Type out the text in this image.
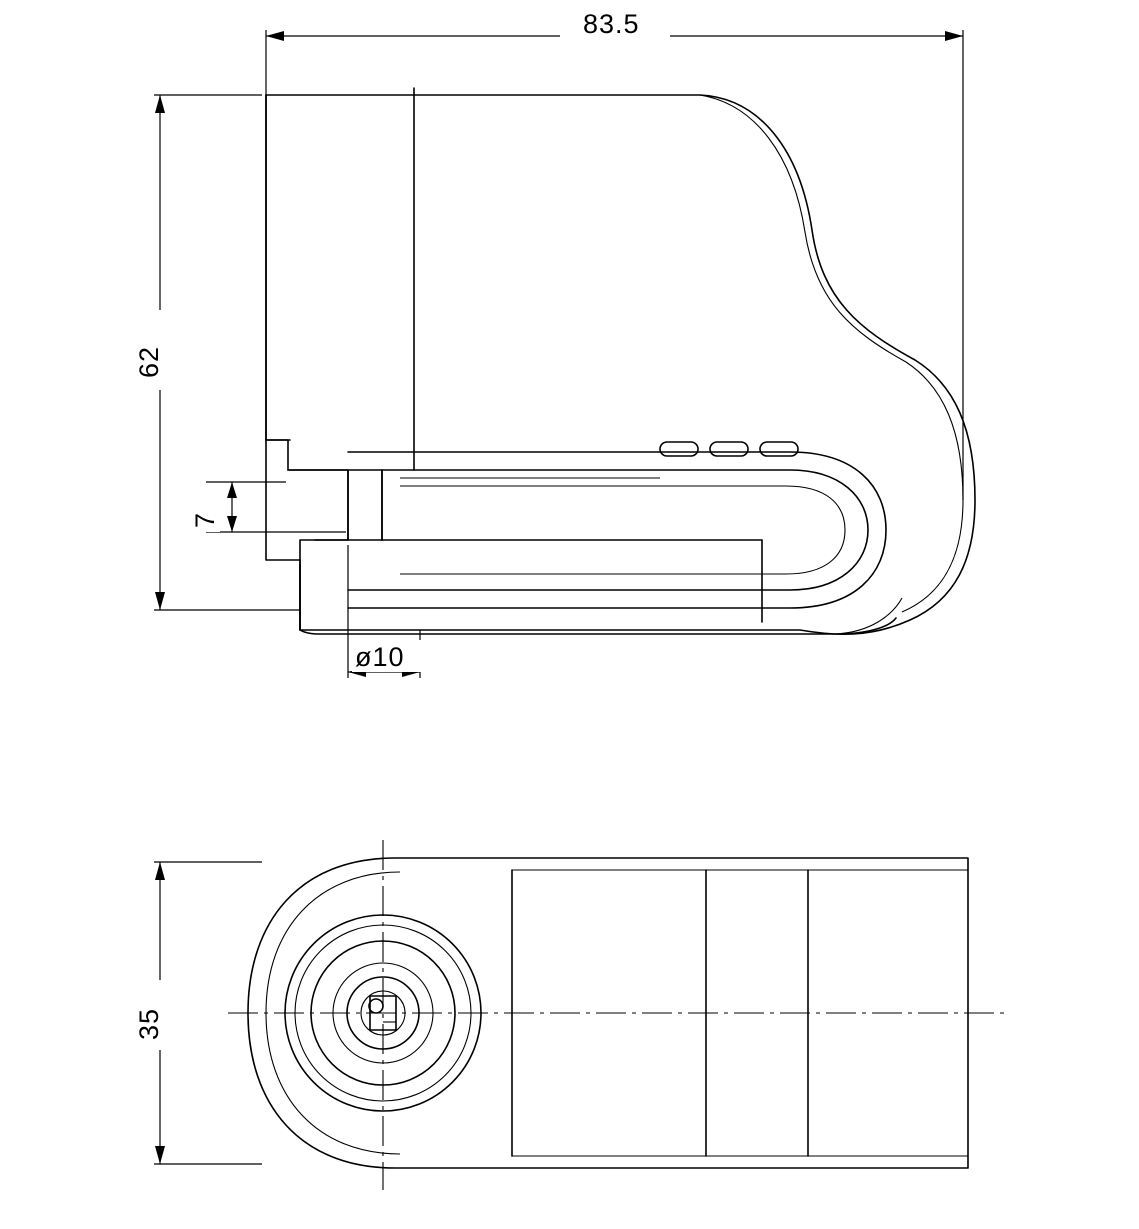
83.5
62
7
ø10
35
